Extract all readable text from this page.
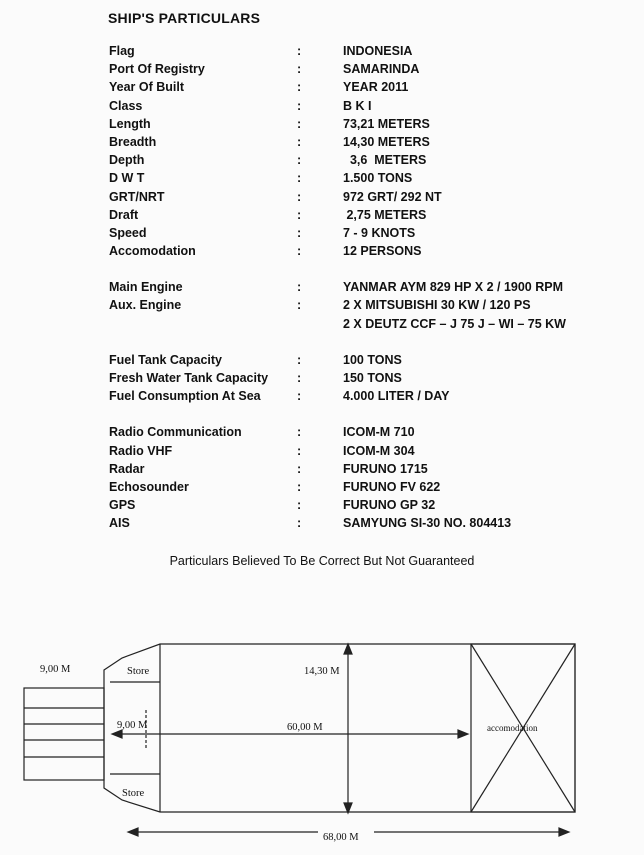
SHIP'S PARTICULARS
Flag	:	INDONESIA
Port Of Registry	:	SAMARINDA
Year Of Built	:	YEAR 2011
Class	:	B K I
Length	:	73,21 METERS
Breadth	:	14,30 METERS
Depth	:	3,6  METERS
D W T	:	1.500 TONS
GRT/NRT	:	972 GRT/ 292 NT
Draft	:	2,75 METERS
Speed	:	7 - 9 KNOTS
Accomodation	:	12 PERSONS
Main Engine	:	YANMAR AYM 829 HP X 2 / 1900 RPM
Aux. Engine	:	2 X MITSUBISHI 30 KW / 120 PS
2 X DEUTZ CCF – J 75 J – WI – 75 KW
Fuel Tank Capacity	:	100 TONS
Fresh Water Tank Capacity :	150 TONS
Fuel Consumption At Sea	:	4.000 LITER / DAY
Radio Communication	:	ICOM-M 710
Radio VHF	:	ICOM-M 304
Radar	:	FURUNO 1715
Echosounder	:	FURUNO FV 622
GPS	:	FURUNO GP 32
AIS	:	SAMYUNG SI-30 NO. 804413
Particulars Believed To Be Correct But Not Guaranteed
9,00 M	Store
Store
9,00 M
14,30 M
60,00 M	accomodation
68,00 M
